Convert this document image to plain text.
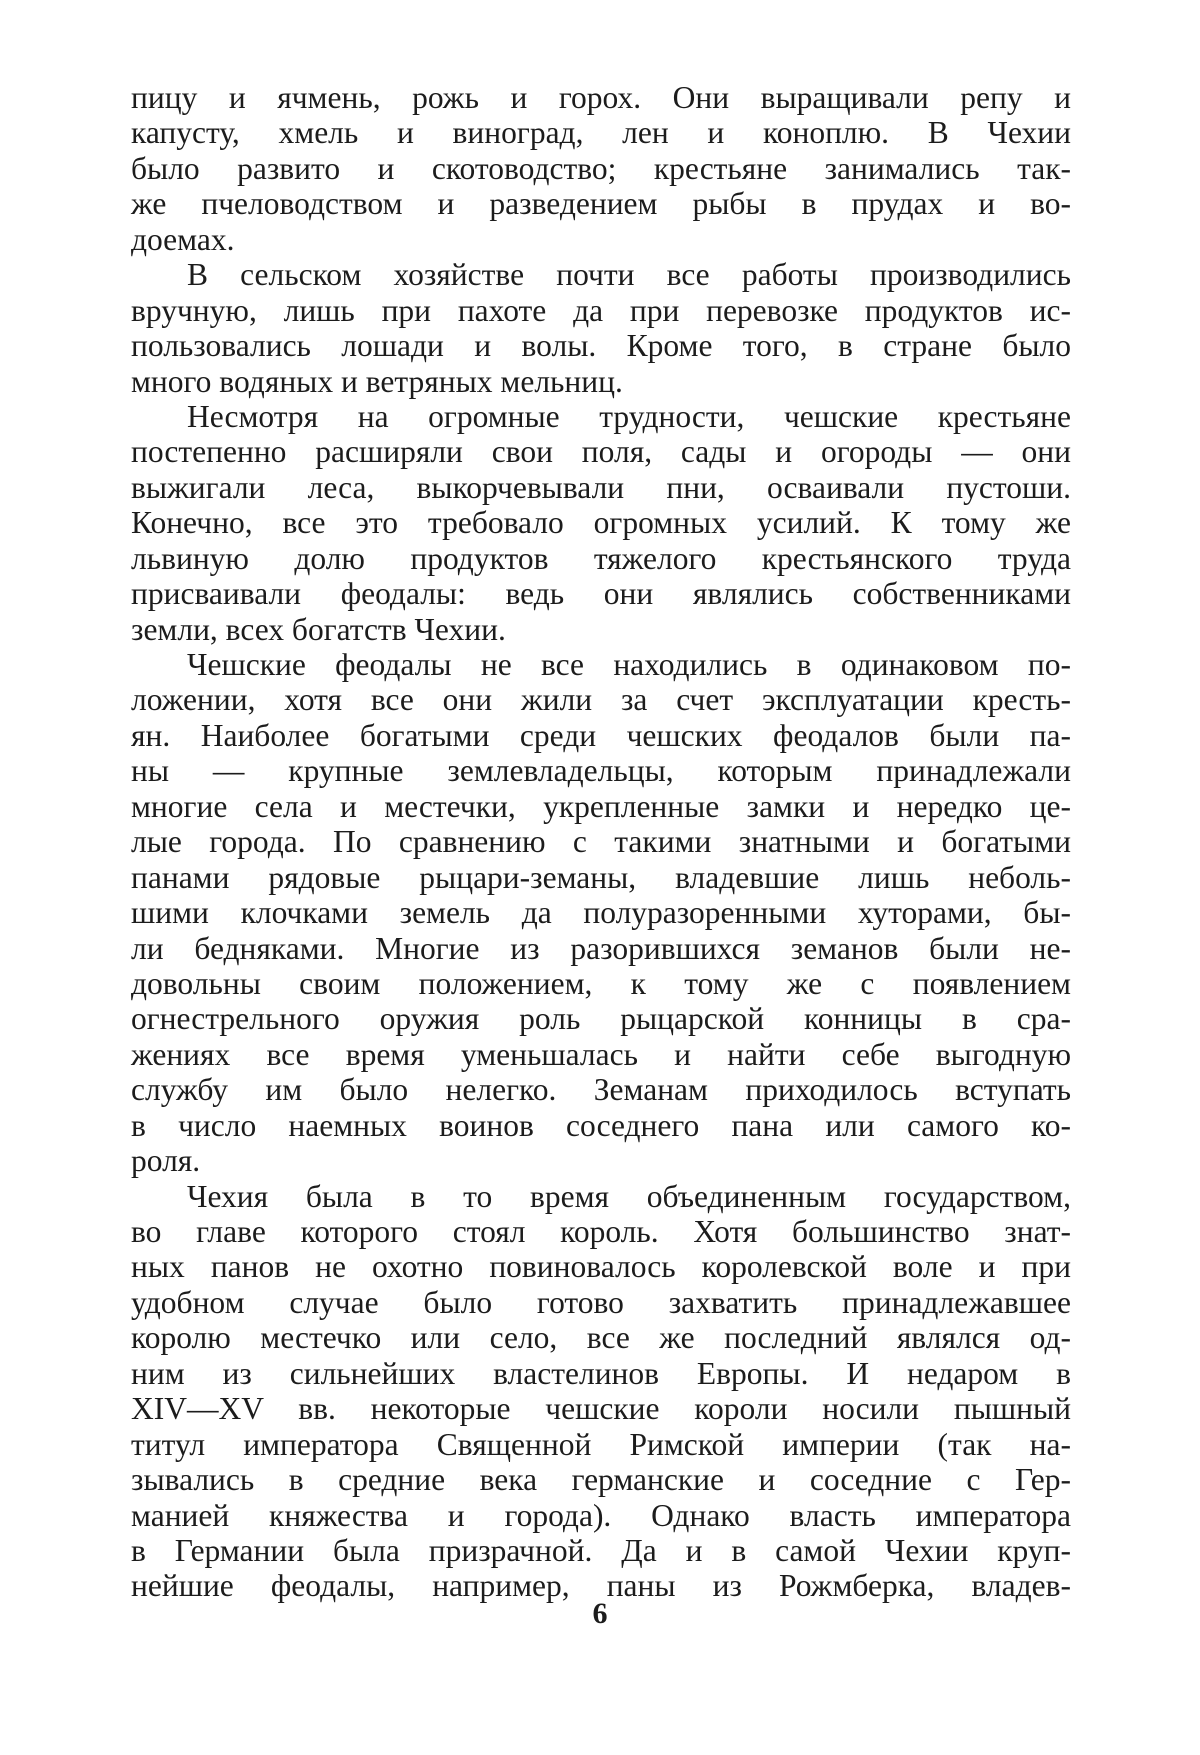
пицу и ячмень, рожь и горох. Они выращивали репу и
капусту, хмель и виноград, лен и коноплю. В Чехии
было развито и скотоводство; крестьяне занимались так-
же пчеловодством и разведением рыбы в прудах и во-
доемах.
В сельском хозяйстве почти все работы производились
вручную, лишь при пахоте да при перевозке продуктов ис-
пользовались лошади и волы. Кроме того, в стране было
много водяных и ветряных мельниц.
Несмотря на огромные трудности, чешские крестьяне
постепенно расширяли свои поля, сады и огороды — они
выжигали леса, выкорчевывали пни, осваивали пустоши.
Конечно, все это требовало огромных усилий. К тому же
львиную долю продуктов тяжелого крестьянского труда
присваивали феодалы: ведь они являлись собственниками
земли, всех богатств Чехии.
Чешские феодалы не все находились в одинаковом по-
ложении, хотя все они жили за счет эксплуатации кресть-
ян. Наиболее богатыми среди чешских феодалов были па-
ны — крупные землевладельцы, которым принадлежали
многие села и местечки, укрепленные замки и нередко це-
лые города. По сравнению с такими знатными и богатыми
панами рядовые рыцари-земаны, владевшие лишь неболь-
шими клочками земель да полуразоренными хуторами, бы-
ли бедняками. Многие из разорившихся земанов были не-
довольны своим положением, к тому же с появлением
огнестрельного оружия роль рыцарской конницы в сра-
жениях все время уменьшалась и найти себе выгодную
службу им было нелегко. Земанам приходилось вступать
в число наемных воинов соседнего пана или самого ко-
роля.
Чехия была в то время объединенным государством,
во главе которого стоял король. Хотя большинство знат-
ных панов не охотно повиновалось королевской воле и при
удобном случае было готово захватить принадлежавшее
королю местечко или село, все же последний являлся од-
ним из сильнейших властелинов Европы. И недаром в
XIV—XV вв. некоторые чешские короли носили пышный
титул императора Священной Римской империи (так на-
зывались в средние века германские и соседние с Гер-
манией княжества и города). Однако власть императора
в Германии была призрачной. Да и в самой Чехии круп-
нейшие феодалы, например, паны из Рожмберка, владев-
6
